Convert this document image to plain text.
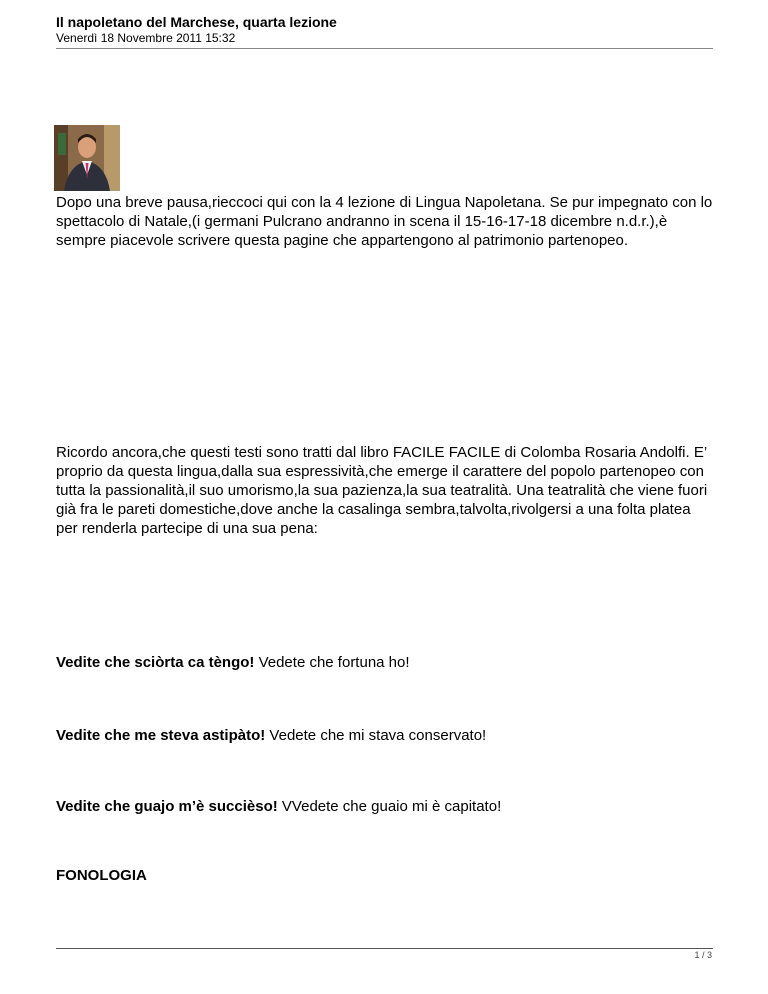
Il napoletano del Marchese, quarta lezione
Venerdì 18 Novembre 2011 15:32

Dopo una breve pausa,rieccoci qui con la 4 lezione di Lingua Napoletana. Se pur impegnato con lo spettacolo di Natale,(i germani Pulcrano andranno in scena il 15-16-17-18 dicembre n.d.r.),è sempre piacevole scrivere questa pagine che appartengono al patrimonio partenopeo.

Ricordo ancora,che questi testi sono tratti dal libro FACILE FACILE di Colomba Rosaria Andolfi. E’ proprio da questa lingua,dalla sua espressività,che emerge il carattere del popolo partenopeo con tutta la passionalità,il suo umorismo,la sua pazienza,la sua teatralità. Una teatralità che viene fuori già fra le pareti domestiche,dove anche la casalinga sembra,talvolta,rivolgersi a una folta platea per renderla partecipe di una sua pena:

Vedite che sciòrta ca tèngo! Vedete che fortuna ho!
Vedite che me steva astipàto! Vedete che mi stava conservato!
Vedite che guajo m’è succièso! VVedete che guaio mi è capitato!
FONOLOGIA
1 / 3
